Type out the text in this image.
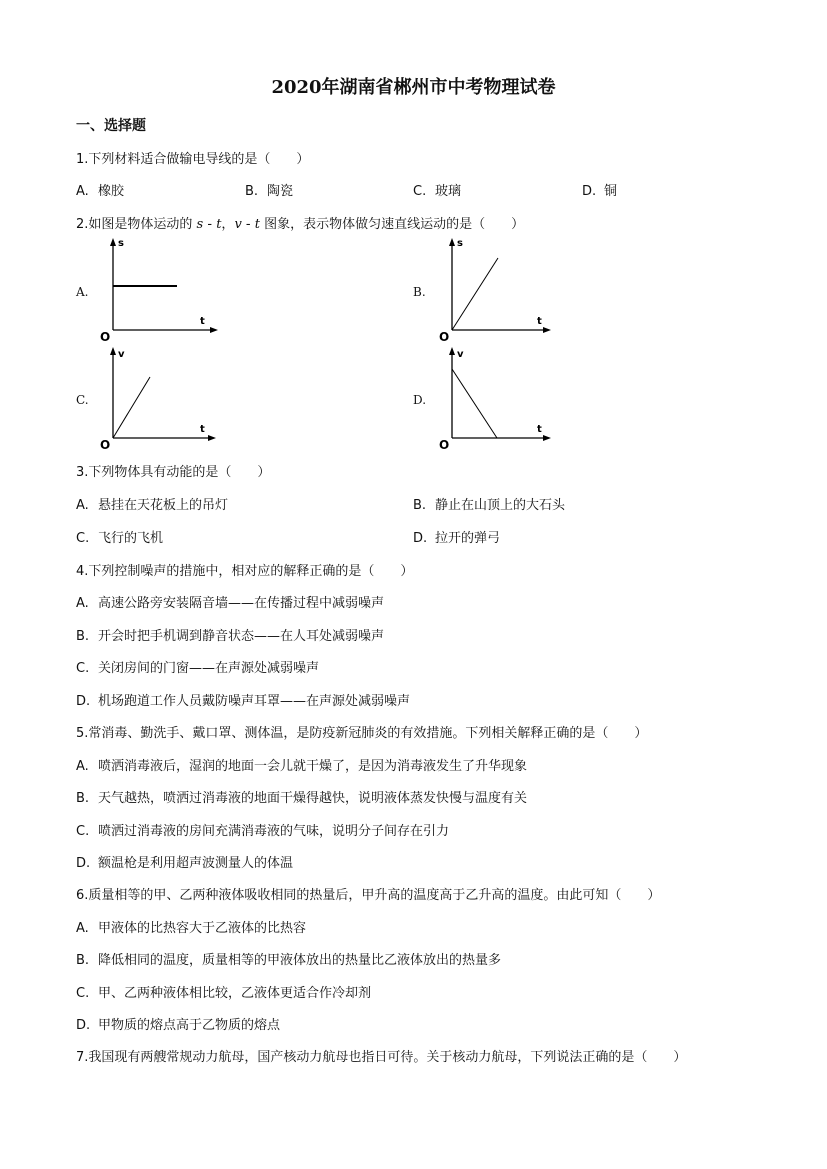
2020年湖南省郴州市中考物理试卷
一、选择题
1.下列材料适合做输电导线的是（　　）
A. 橡胶	B. 陶瓷	C. 玻璃	D. 铜
2.如图是物体运动的 s - t，v - t 图象，表示物体做匀速直线运动的是（　　）
A.
s
t
O
B.
s
t
O
C.
v
t
O
D.
v
t
O
3.下列物体具有动能的是（　　）
A. 悬挂在天花板上的吊灯	B. 静止在山顶上的大石头
C. 飞行的飞机	D. 拉开的弹弓
4.下列控制噪声的措施中，相对应的解释正确的是（　　）
A. 高速公路旁安装隔音墙——在传播过程中减弱噪声
B. 开会时把手机调到静音状态——在人耳处减弱噪声
C. 关闭房间的门窗——在声源处减弱噪声
D. 机场跑道工作人员戴防噪声耳罩——在声源处减弱噪声
5.常消毒、勤洗手、戴口罩、测体温，是防疫新冠肺炎的有效措施。下列相关解释正确的是（　　）
A. 喷洒消毒液后，湿润的地面一会儿就干燥了，是因为消毒液发生了升华现象
B. 天气越热，喷洒过消毒液的地面干燥得越快，说明液体蒸发快慢与温度有关
C. 喷洒过消毒液的房间充满消毒液的气味，说明分子间存在引力
D. 额温枪是利用超声波测量人的体温
6.质量相等的甲、乙两种液体吸收相同的热量后，甲升高的温度高于乙升高的温度。由此可知（　　）
A. 甲液体的比热容大于乙液体的比热容
B. 降低相同的温度，质量相等的甲液体放出的热量比乙液体放出的热量多
C. 甲、乙两种液体相比较，乙液体更适合作冷却剂
D. 甲物质的熔点高于乙物质的熔点
7.我国现有两艘常规动力航母，国产核动力航母也指日可待。关于核动力航母，下列说法正确的是（　　）
